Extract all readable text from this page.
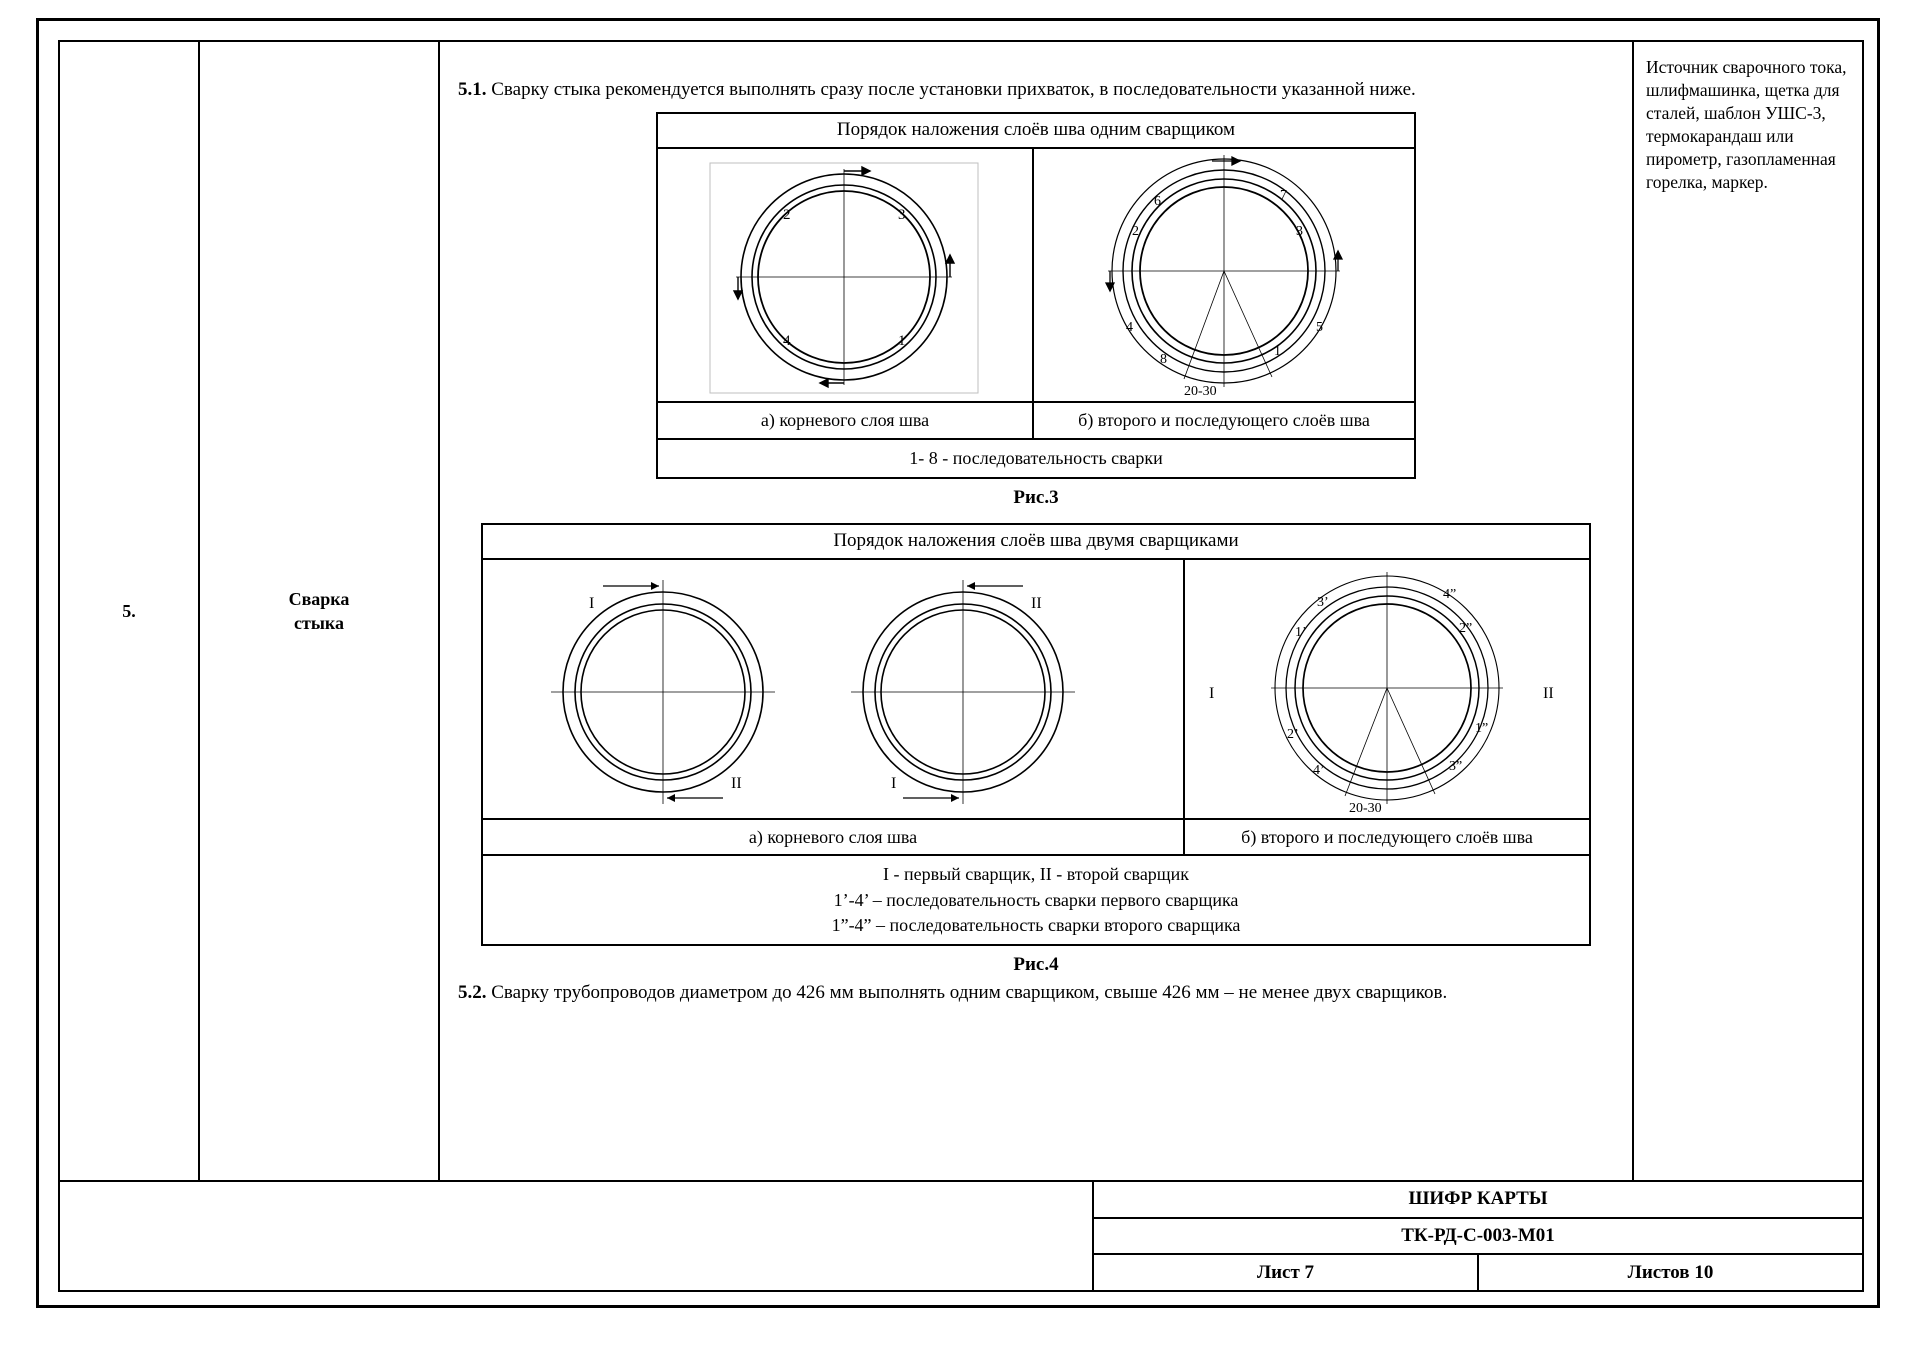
5.
Сварка
стыка

5.1. Сварку стыка рекомендуется выполнять сразу после установки прихваток, в последовательности указанной ниже.

Порядок наложения слоёв шва одним сварщиком
2	3
4	1
а) корневого слоя шва
6	7
2	3
4	5
8
1
20-30
б) второго и последующего слоёв шва
1- 8 - последовательность сварки
Рис.3
Порядок наложения слоёв шва двумя сварщиками
I
II
II
I
а) корневого слоя шва
3’
4”
1’	2”
2’	1”
4’	3”
I	II
20-30
б) второго и последующего слоёв шва
I - первый сварщик, II - второй сварщик
1’-4’ – последовательность сварки первого сварщика
1”-4” – последовательность сварки второго сварщика
Рис.4

5.2. Сварку трубопроводов диаметром до 426 мм выполнять одним сварщиком, свыше 426 мм – не менее двух сварщиков.

Источник сварочного тока, шлифмашинка, щетка для сталей, шаблон УШС-3, термокарандаш или пирометр, газопламенная горелка, маркер.
ШИФР КАРТЫ
ТК-РД-С-003-М01
Лист 7	Листов 10
